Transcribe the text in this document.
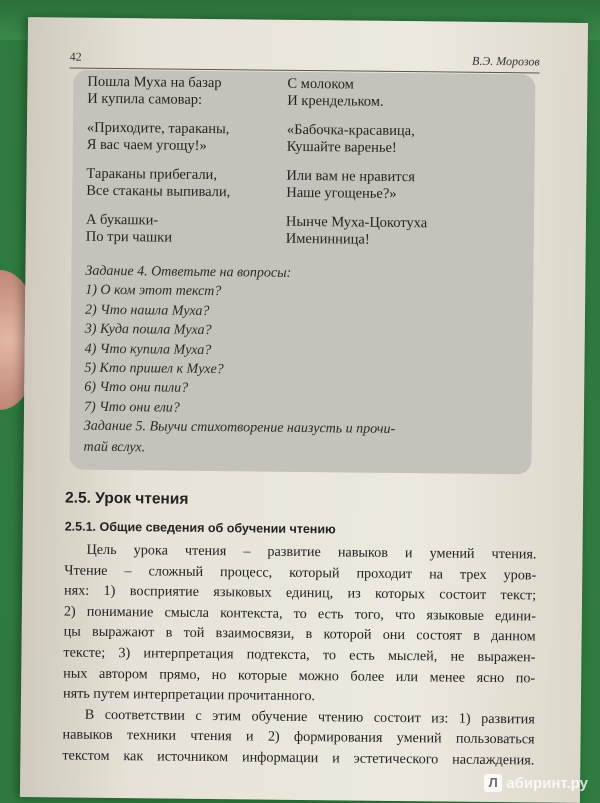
42	В.Э. Морозов
Пошла Муха на базар
И купила самовар:
«Приходите, тараканы,
Я вас чаем угощу!»
Тараканы прибегали,
Все стаканы выпивали,
А букашки-
По три чашки
С молоком
И крендельком.
«Бабочка-красавица,
Кушайте варенье!
Или вам не нравится
Наше угощенье?»
Нынче Муха-Цокотуха
Именинница!
Задание 4. Ответьте на вопросы:
1) О ком этот текст?
2) Что нашла Муха?
3) Куда пошла Муха?
4) Что купила Муха?
5) Кто пришел к Мухе?
6) Что они пили?
7) Что они ели?
Задание 5. Выучи стихотворение наизусть и прочи-
тай вслух.
2.5. Урок чтения
2.5.1. Общие сведения об обучении чтению
Цель урока чтения – развитие навыков и умений чтения.
Чтение – сложный процесс, который проходит на трех уров-
нях: 1) восприятие языковых единиц, из которых состоит текст;
2) понимание смысла контекста, то есть того, что языковые едини-
цы выражают в той взаимосвязи, в которой они состоят в данном
тексте; 3) интерпретация подтекста, то есть мыслей, не выражен-
ных автором прямо, но которые можно более или менее ясно по-
нять путем интерпретации прочитанного.
В соответствии с этим обучение чтению состоит из: 1) развития
навыков техники чтения и 2) формирования умений пользоваться
текстом как источником информации и эстетического наслаждения.
Л абиринт.ру
